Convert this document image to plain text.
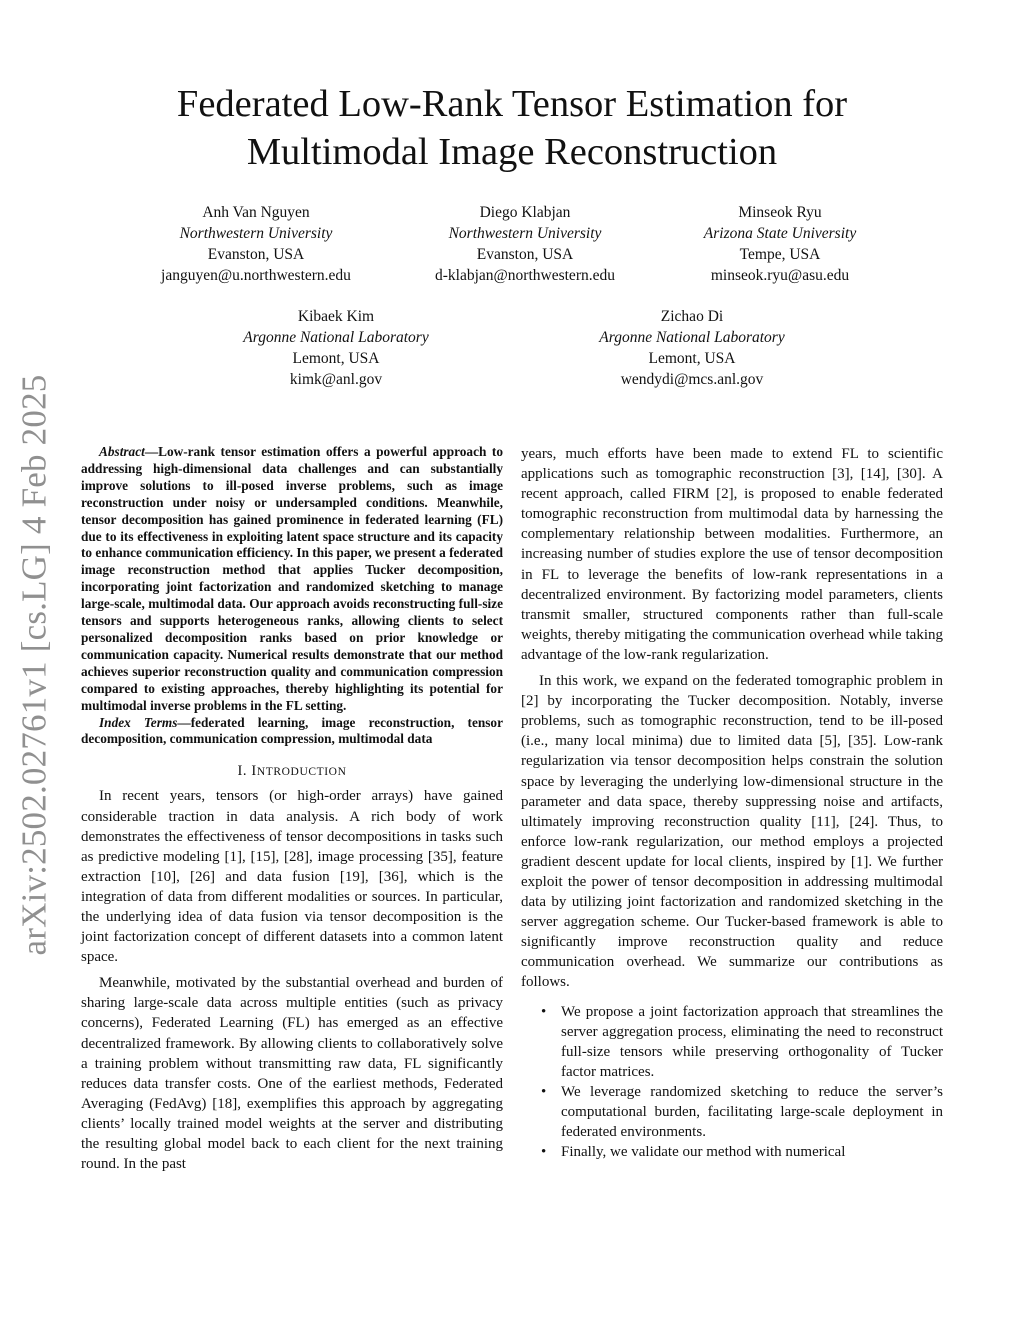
arXiv:2502.02761v1 [cs.LG] 4 Feb 2025
Federated Low-Rank Tensor Estimation for Multimodal Image Reconstruction
Anh Van Nguyen
Northwestern University
Evanston, USA
janguyen@u.northwestern.edu
Diego Klabjan
Northwestern University
Evanston, USA
d-klabjan@northwestern.edu
Minseok Ryu
Arizona State University
Tempe, USA
minseok.ryu@asu.edu
Kibaek Kim
Argonne National Laboratory
Lemont, USA
kimk@anl.gov
Zichao Di
Argonne National Laboratory
Lemont, USA
wendydi@mcs.anl.gov

Abstract—Low-rank tensor estimation offers a powerful approach to addressing high-dimensional data challenges and can substantially improve solutions to ill-posed inverse problems, such as image reconstruction under noisy or undersampled conditions. Meanwhile, tensor decomposition has gained prominence in federated learning (FL) due to its effectiveness in exploiting latent space structure and its capacity to enhance communication efficiency. In this paper, we present a federated image reconstruction method that applies Tucker decomposition, incorporating joint factorization and randomized sketching to manage large-scale, multimodal data. Our approach avoids reconstructing full-size tensors and supports heterogeneous ranks, allowing clients to select personalized decomposition ranks based on prior knowledge or communication capacity. Numerical results demonstrate that our method achieves superior reconstruction quality and communication compression compared to existing approaches, thereby highlighting its potential for multimodal inverse problems in the FL setting.

Index Terms—federated learning, image reconstruction, tensor decomposition, communication compression, multimodal data

I. INTRODUCTION

In recent years, tensors (or high-order arrays) have gained considerable traction in data analysis. A rich body of work demonstrates the effectiveness of tensor decompositions in tasks such as predictive modeling [1], [15], [28], image processing [35], feature extraction [10], [26] and data fusion [19], [36], which is the integration of data from different modalities or sources. In particular, the underlying idea of data fusion via tensor decomposition is the joint factorization concept of different datasets into a common latent space.

Meanwhile, motivated by the substantial overhead and burden of sharing large-scale data across multiple entities (such as privacy concerns), Federated Learning (FL) has emerged as an effective decentralized framework. By allowing clients to collaboratively solve a training problem without transmitting raw data, FL significantly reduces data transfer costs. One of the earliest methods, Federated Averaging (FedAvg) [18], exemplifies this approach by aggregating clients’ locally trained model weights at the server and distributing the resulting global model back to each client for the next training round. In the past

years, much efforts have been made to extend FL to scientific applications such as tomographic reconstruction [3], [14], [30]. A recent approach, called FIRM [2], is proposed to enable federated tomographic reconstruction from multimodal data by harnessing the complementary relationship between modalities. Furthermore, an increasing number of studies explore the use of tensor decomposition in FL to leverage the benefits of low-rank representations in a decentralized environment. By factorizing model parameters, clients transmit smaller, structured components rather than full-scale weights, thereby mitigating the communication overhead while taking advantage of the low-rank regularization.

In this work, we expand on the federated tomographic problem in [2] by incorporating the Tucker decomposition. Notably, inverse problems, such as tomographic reconstruction, tend to be ill-posed (i.e., many local minima) due to limited data [5], [35]. Low-rank regularization via tensor decomposition helps constrain the solution space by leveraging the underlying low-dimensional structure in the parameter and data space, thereby suppressing noise and artifacts, ultimately improving reconstruction quality [11], [24]. Thus, to enforce low-rank regularization, our method employs a projected gradient descent update for local clients, inspired by [1]. We further exploit the power of tensor decomposition in addressing multimodal data by utilizing joint factorization and randomized sketching in the server aggregation scheme. Our Tucker-based framework is able to significantly improve reconstruction quality and reduce communication overhead. We summarize our contributions as follows.

• We propose a joint factorization approach that streamlines the server aggregation process, eliminating the need to reconstruct full-size tensors while preserving orthogonality of Tucker factor matrices.
• We leverage randomized sketching to reduce the server’s computational burden, facilitating large-scale deployment in federated environments.
• Finally, we validate our method with numerical
